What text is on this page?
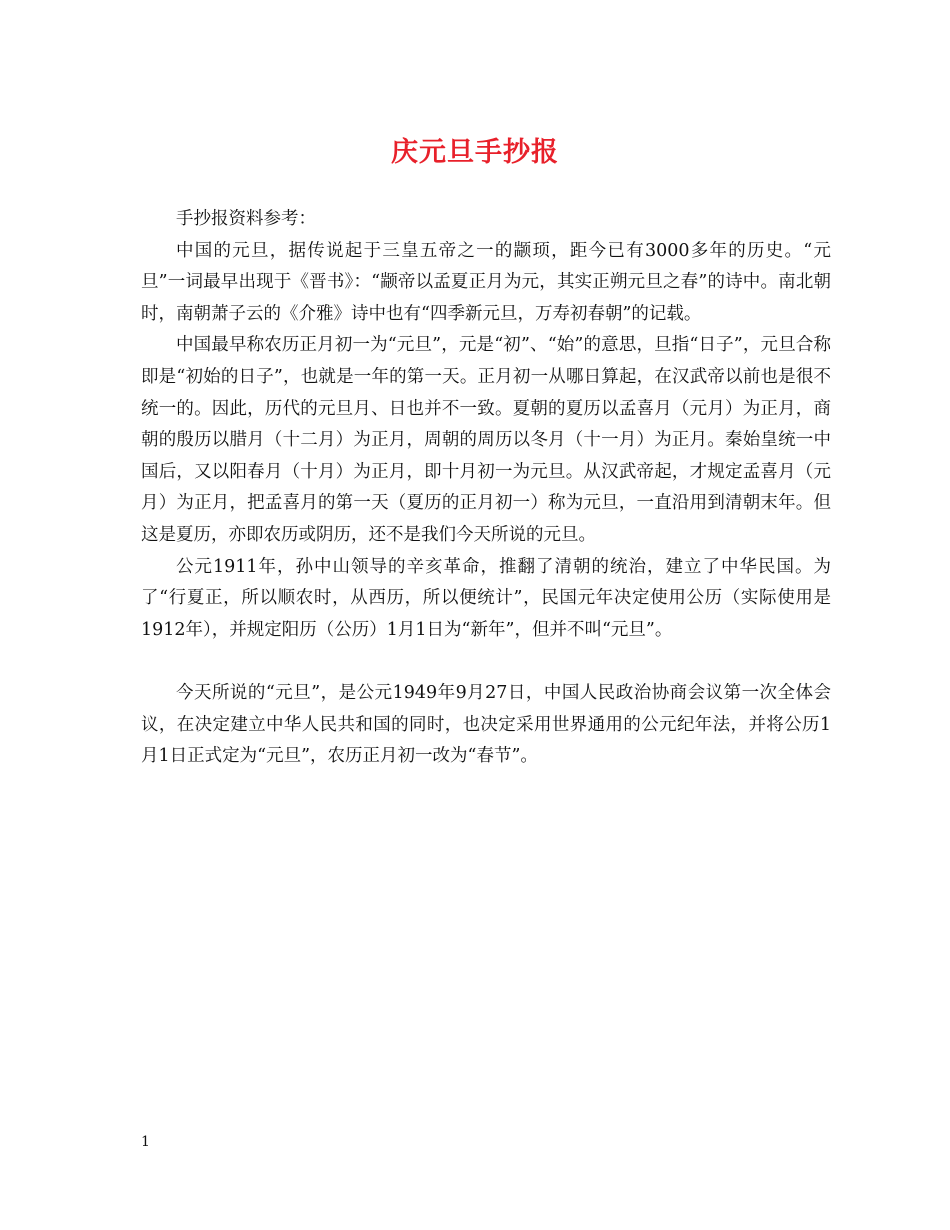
庆元旦手抄报

手抄报资料参考：

中国的元旦，据传说起于三皇五帝之一的颛顼，距今已有3000多年的历史。“元旦”一词最早出现于《晋书》：“颛帝以孟夏正月为元，其实正朔元旦之春”的诗中。南北朝时，南朝萧子云的《介雅》诗中也有“四季新元旦，万寿初春朝”的记载。

中国最早称农历正月初一为“元旦”，元是“初”、“始”的意思，旦指“日子”，元旦合称即是“初始的日子”，也就是一年的第一天。正月初一从哪日算起，在汉武帝以前也是很不统一的。因此，历代的元旦月、日也并不一致。夏朝的夏历以孟喜月（元月）为正月，商朝的殷历以腊月（十二月）为正月，周朝的周历以冬月（十一月）为正月。秦始皇统一中国后，又以阳春月（十月）为正月，即十月初一为元旦。从汉武帝起，才规定孟喜月（元月）为正月，把孟喜月的第一天（夏历的正月初一）称为元旦，一直沿用到清朝末年。但这是夏历，亦即农历或阴历，还不是我们今天所说的元旦。

公元1911年，孙中山领导的辛亥革命，推翻了清朝的统治，建立了中华民国。为了“行夏正，所以顺农时，从西历，所以便统计”，民国元年决定使用公历（实际使用是1912年），并规定阳历（公历）1月1日为“新年”，但并不叫“元旦”。

今天所说的“元旦”，是公元1949年9月27日，中国人民政治协商会议第一次全体会议，在决定建立中华人民共和国的同时，也决定采用世界通用的公元纪年法，并将公历1月1日正式定为“元旦”，农历正月初一改为“春节”。

1
